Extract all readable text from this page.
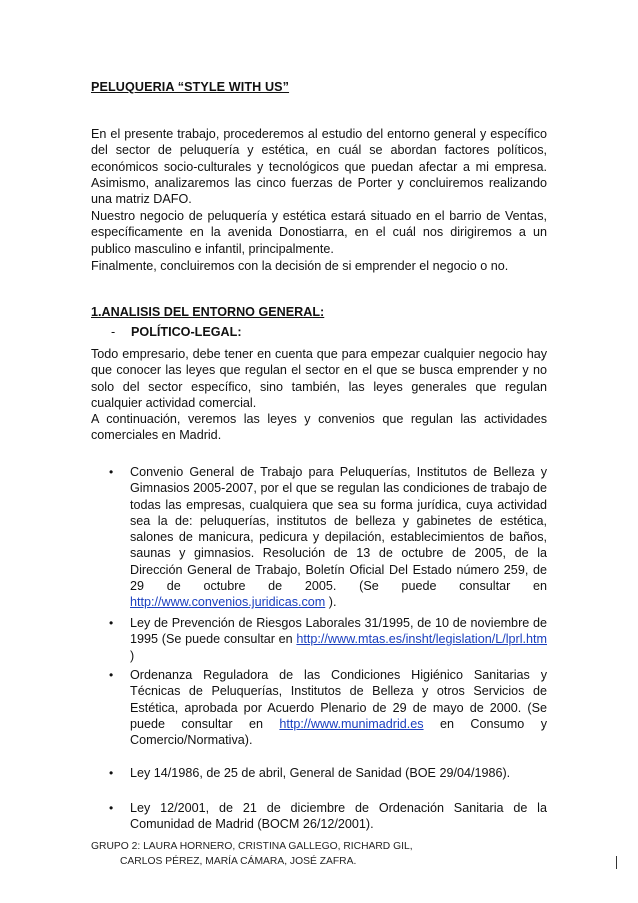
PELUQUERIA “STYLE WITH US”
En el presente trabajo, procederemos al estudio del entorno general y específico del sector de peluquería y estética, en cuál se abordan factores políticos, económicos socio-culturales y tecnológicos que puedan afectar a mi empresa. Asimismo, analizaremos las cinco fuerzas de Porter y concluiremos realizando una matriz DAFO.
Nuestro negocio de peluquería y estética estará situado en el barrio de Ventas, específicamente en la avenida Donostiarra, en el cuál nos dirigiremos a un publico masculino e infantil, principalmente.
Finalmente, concluiremos con la decisión de si emprender el negocio o no.
1.ANALISIS DEL ENTORNO GENERAL:
- POLÍTICO-LEGAL:
Todo empresario, debe tener en cuenta que para empezar cualquier negocio hay que conocer las leyes que regulan el sector en el que se busca emprender y no solo del sector específico, sino también, las leyes generales que regulan cualquier actividad comercial.
A continuación, veremos las leyes y convenios que regulan las actividades comerciales en Madrid.
• Convenio General de Trabajo para Peluquerías, Institutos de Belleza y Gimnasios 2005-2007, por el que se regulan las condiciones de trabajo de todas las empresas, cualquiera que sea su forma jurídica, cuya actividad sea la de: peluquerías, institutos de belleza y gabinetes de estética, salones de manicura, pedicura y depilación, establecimientos de baños, saunas y gimnasios. Resolución de 13 de octubre de 2005, de la Dirección General de Trabajo, Boletín Oficial Del Estado número 259, de 29 de octubre de 2005. (Se puede consultar en http://www.convenios.juridicas.com ).
• Ley de Prevención de Riesgos Laborales 31/1995, de 10 de noviembre de 1995 (Se puede consultar en http://www.mtas.es/insht/legislation/L/lprl.htm )
• Ordenanza Reguladora de las Condiciones Higiénico Sanitarias y Técnicas de Peluquerías, Institutos de Belleza y otros Servicios de Estética, aprobada por Acuerdo Plenario de 29 de mayo de 2000. (Se puede consultar en http://www.munimadrid.es en Consumo y Comercio/Normativa).
• Ley 14/1986, de 25 de abril, General de Sanidad (BOE 29/04/1986).
• Ley 12/2001, de 21 de diciembre de Ordenación Sanitaria de la Comunidad de Madrid (BOCM 26/12/2001).
GRUPO 2: LAURA HORNERO, CRISTINA GALLEGO, RICHARD GIL,
CARLOS PÉREZ, MARÍA CÁMARA, JOSÉ ZAFRA.
